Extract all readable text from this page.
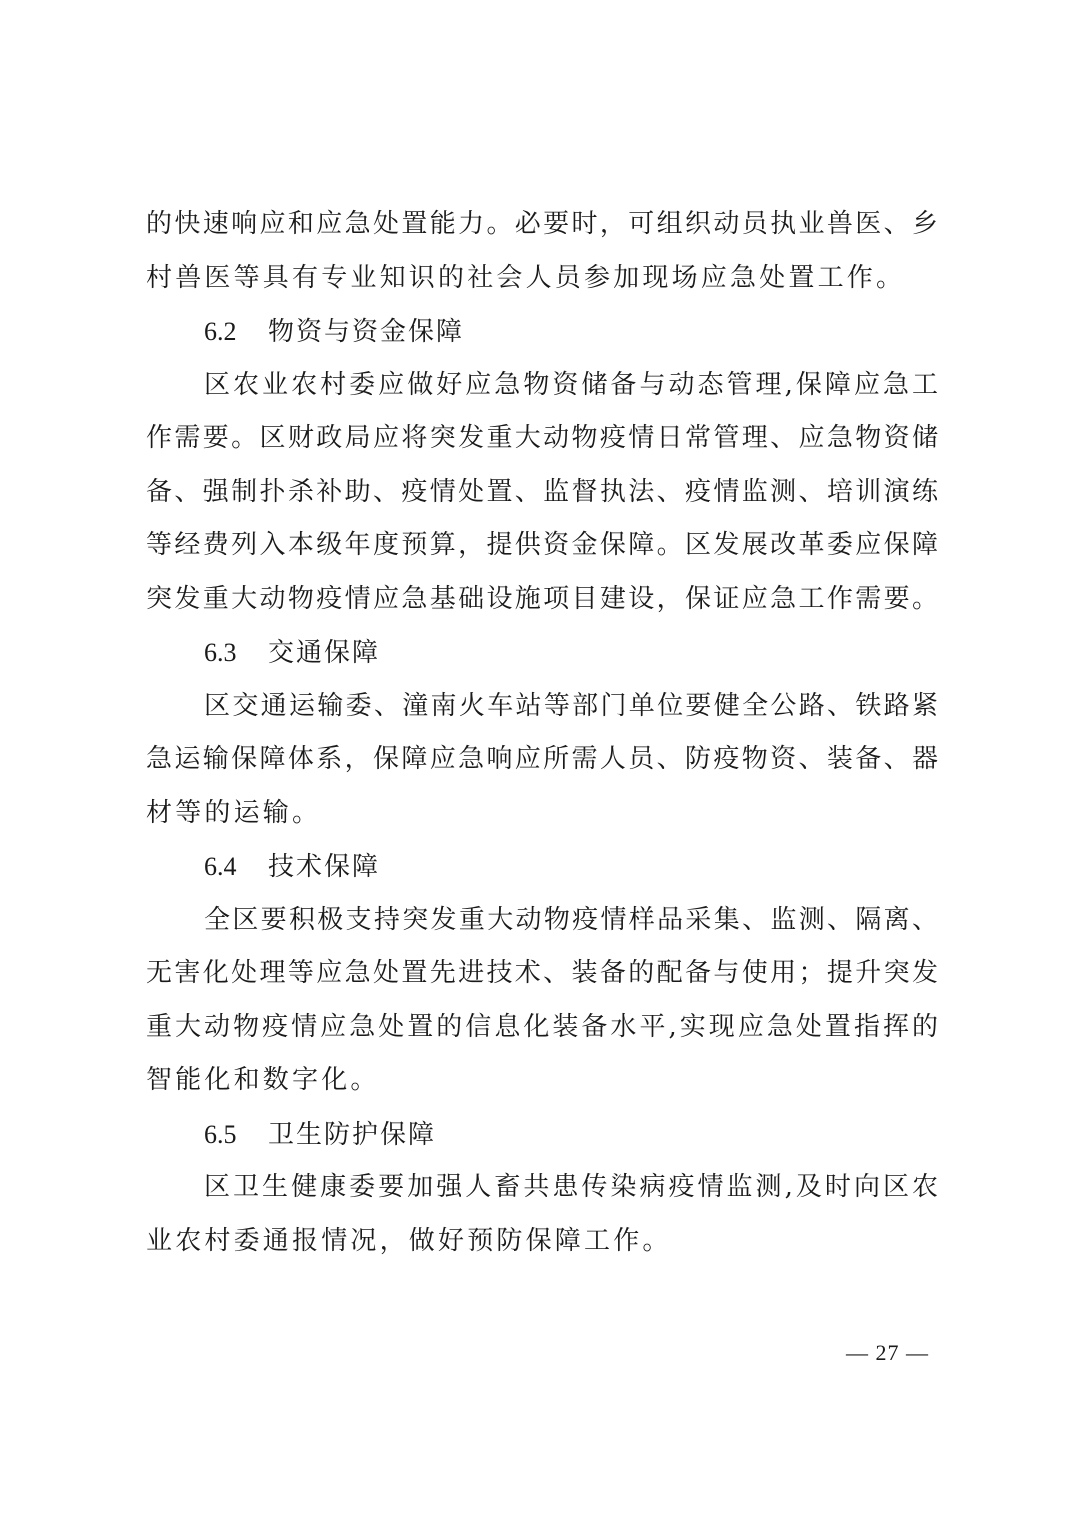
的快速响应和应急处置能力。必要时，可组织动员执业兽医、乡
村兽医等具有专业知识的社会人员参加现场应急处置工作。
6.2 物资与资金保障
区农业农村委应做好应急物资储备与动态管理,保障应急工
作需要。区财政局应将突发重大动物疫情日常管理、应急物资储
备、强制扑杀补助、疫情处置、监督执法、疫情监测、培训演练
等经费列入本级年度预算，提供资金保障。区发展改革委应保障
突发重大动物疫情应急基础设施项目建设，保证应急工作需要。
6.3 交通保障
区交通运输委、潼南火车站等部门单位要健全公路、铁路紧
急运输保障体系，保障应急响应所需人员、防疫物资、装备、器
材等的运输。
6.4 技术保障
全区要积极支持突发重大动物疫情样品采集、监测、隔离、
无害化处理等应急处置先进技术、装备的配备与使用；提升突发
重大动物疫情应急处置的信息化装备水平,实现应急处置指挥的
智能化和数字化。
6.5 卫生防护保障
区卫生健康委要加强人畜共患传染病疫情监测,及时向区农
业农村委通报情况，做好预防保障工作。
— 27 —
